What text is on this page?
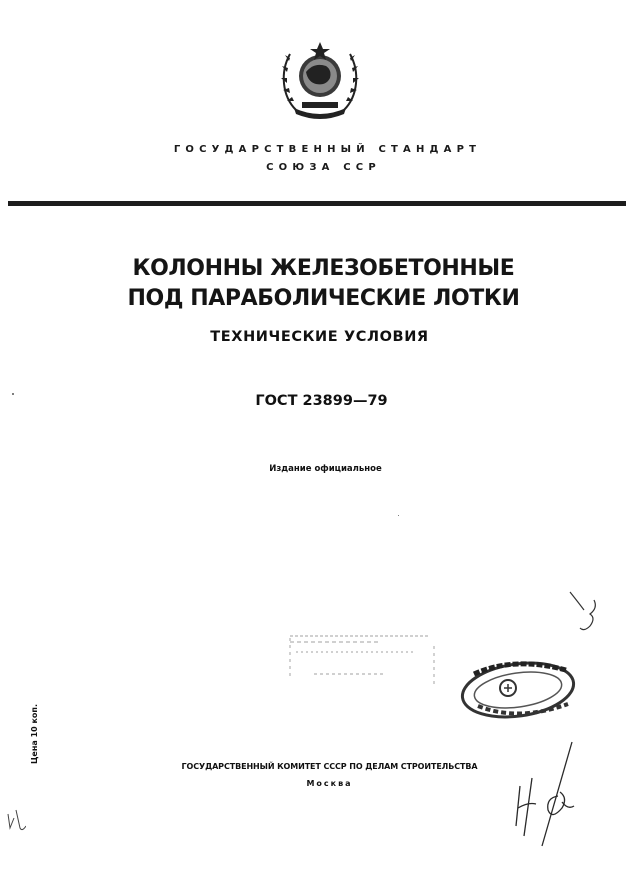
ГОСУДАРСТВЕННЫЙ СТАНДАРТ
СОЮЗА ССР
КОЛОННЫ ЖЕЛЕЗОБЕТОННЫЕ
ПОД ПАРАБОЛИЧЕСКИЕ ЛОТКИ
ТЕХНИЧЕСКИЕ УСЛОВИЯ
ГОСТ 23899—79
Издание официальное
Цена 10 коп.
ГОСУДАРСТВЕННЫЙ КОМИТЕТ СССР ПО ДЕЛАМ СТРОИТЕЛЬСТВА
Москва
